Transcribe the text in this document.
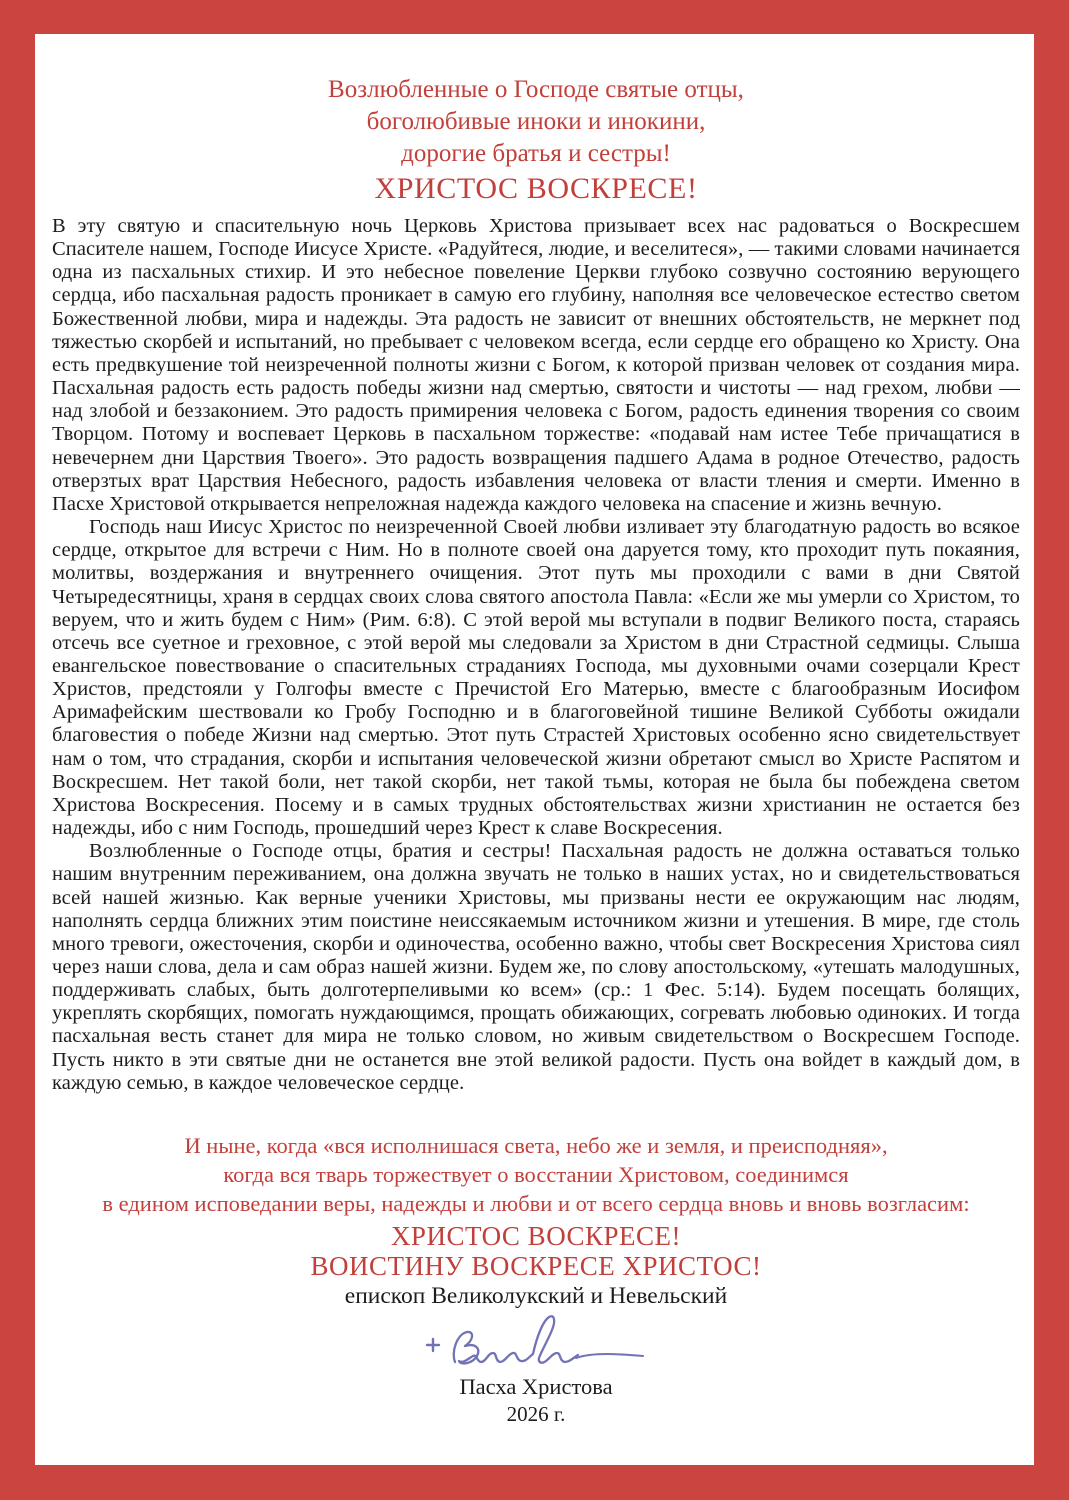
Возлюбленные о Господе святые отцы,
боголюбивые иноки и инокини,
дорогие братья и сестры!
ХРИСТОС ВОСКРЕСЕ!

В эту святую и спасительную ночь Церковь Христова призывает всех нас радоваться о Воскресшем Спасителе нашем, Господе Иисусе Христе. «Радуйтеся, людие, и веселитеся», — такими словами начинается одна из пасхальных стихир. И это небесное повеление Церкви глубоко созвучно состоянию верующего сердца, ибо пасхальная радость проникает в самую его глубину, наполняя все человеческое естество светом Божественной любви, мира и надежды. Эта радость не зависит от внешних обстоятельств, не меркнет под тяжестью скорбей и испытаний, но пребывает с человеком всегда, если сердце его обращено ко Христу. Она есть предвкушение той неизреченной полноты жизни с Богом, к которой призван человек от создания мира. Пасхальная радость есть радость победы жизни над смертью, святости и чистоты — над грехом, любви — над злобой и беззаконием. Это радость примирения человека с Богом, радость единения творения со своим Творцом. Потому и воспевает Церковь в пасхальном торжестве: «подавай нам истее Тебе причащатися в невечернем дни Царствия Твоего». Это радость возвращения падшего Адама в родное Отечество, радость отверзтых врат Царствия Небесного, радость избавления человека от власти тления и смерти. Именно в Пасхе Христовой открывается непреложная надежда каждого человека на спасение и жизнь вечную.

Господь наш Иисус Христос по неизреченной Своей любви изливает эту благодатную радость во всякое сердце, открытое для встречи с Ним. Но в полноте своей она даруется тому, кто проходит путь покаяния, молитвы, воздержания и внутреннего очищения. Этот путь мы проходили с вами в дни Святой Четыредесятницы, храня в сердцах своих слова святого апостола Павла: «Если же мы умерли со Христом, то веруем, что и жить будем с Ним» (Рим. 6:8). С этой верой мы вступали в подвиг Великого поста, стараясь отсечь все суетное и греховное, с этой верой мы следовали за Христом в дни Страстной седмицы. Слыша евангельское повествование о спасительных страданиях Господа, мы духовными очами созерцали Крест Христов, предстояли у Голгофы вместе с Пречистой Его Матерью, вместе с благообразным Иосифом Аримафейским шествовали ко Гробу Господню и в благоговейной тишине Великой Субботы ожидали благовестия о победе Жизни над смертью. Этот путь Страстей Христовых особенно ясно свидетельствует нам о том, что страдания, скорби и испытания человеческой жизни обретают смысл во Христе Распятом и Воскресшем. Нет такой боли, нет такой скорби, нет такой тьмы, которая не была бы побеждена светом Христова Воскресения. Посему и в самых трудных обстоятельствах жизни христианин не остается без надежды, ибо с ним Господь, прошедший через Крест к славе Воскресения.

Возлюбленные о Господе отцы, братия и сестры! Пасхальная радость не должна оставаться только нашим внутренним переживанием, она должна звучать не только в наших устах, но и свидетельствоваться всей нашей жизнью. Как верные ученики Христовы, мы призваны нести ее окружающим нас людям, наполнять сердца ближних этим поистине неиссякаемым источником жизни и утешения. В мире, где столь много тревоги, ожесточения, скорби и одиночества, особенно важно, чтобы свет Воскресения Христова сиял через наши слова, дела и сам образ нашей жизни. Будем же, по слову апостольскому, «утешать малодушных, поддерживать слабых, быть долготерпеливыми ко всем» (ср.: 1 Фес. 5:14). Будем посещать болящих, укреплять скорбящих, помогать нуждающимся, прощать обижающих, согревать любовью одиноких. И тогда пасхальная весть станет для мира не только словом, но живым свидетельством о Воскресшем Господе. Пусть никто в эти святые дни не останется вне этой великой радости. Пусть она войдет в каждый дом, в каждую семью, в каждое человеческое сердце.

И ныне, когда «вся исполнишася света, небо же и земля, и преисподняя»,
когда вся тварь торжествует о восстании Христовом, соединимся
в едином исповедании веры, надежды и любви и от всего сердца вновь и вновь возгласим:
ХРИСТОС ВОСКРЕСЕ!
ВОИСТИНУ ВОСКРЕСЕ ХРИСТОС!
епископ Великолукский и Невельский
Пасха Христова
2026 г.
